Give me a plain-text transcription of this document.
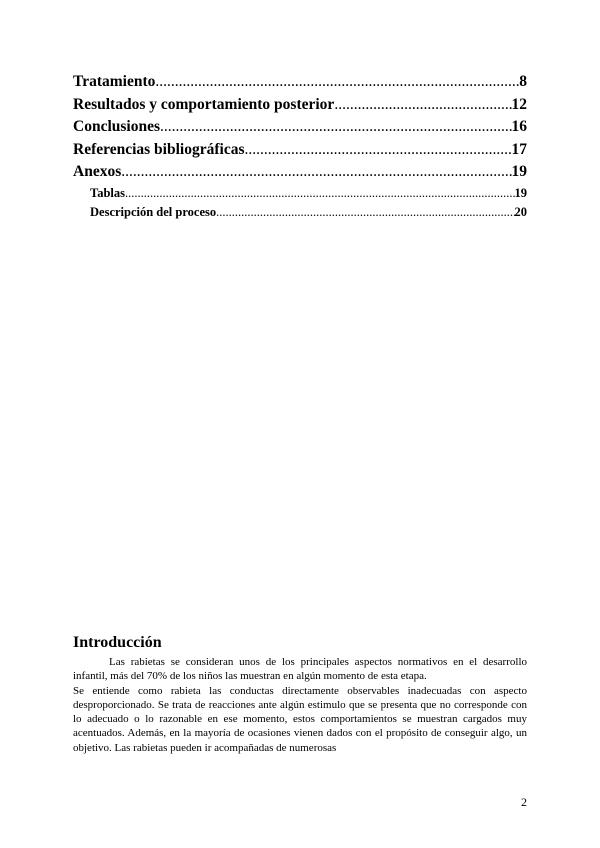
Tratamiento .....	8
Resultados y comportamiento posterior .....	12
Conclusiones .....	16
Referencias bibliográficas .....	17
Anexos .....	19
Tablas .....	19
Descripción del proceso .....	20
Introducción

Las rabietas se consideran unos de los principales aspectos normativos en el desarrollo infantil, más del 70% de los niños las muestran en algún momento de esta etapa.

Se entiende como rabieta las conductas directamente observables inadecuadas con aspecto desproporcionado. Se trata de reacciones ante algún estimulo que se presenta que no corresponde con lo adecuado o lo razonable en ese momento, estos comportamientos se muestran cargados muy acentuados. Además, en la mayoría de ocasiones vienen dados con el propósito de conseguir algo, un objetivo. Las rabietas pueden ir acompañadas de numerosas

2
